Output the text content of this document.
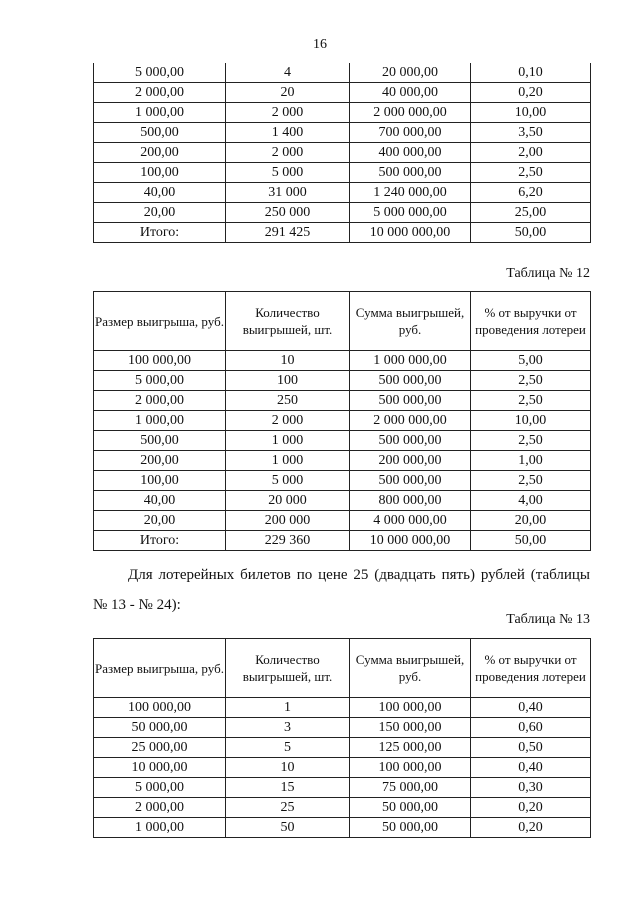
16
5 000,00	4	20 000,00	0,10
2 000,00	20	40 000,00	0,20
1 000,00	2 000	2 000 000,00	10,00
500,00	1 400	700 000,00	3,50
200,00	2 000	400 000,00	2,00
100,00	5 000	500 000,00	2,50
40,00	31 000	1 240 000,00	6,20
20,00	250 000	5 000 000,00	25,00
Итого:	291 425	10 000 000,00	50,00
Таблица № 12
Размер выигрыша, руб.	Количество выигрышей, шт.	Сумма выигрышей, руб.	% от выручки от проведения лотереи
100 000,00	10	1 000 000,00	5,00
5 000,00	100	500 000,00	2,50
2 000,00	250	500 000,00	2,50
1 000,00	2 000	2 000 000,00	10,00
500,00	1 000	500 000,00	2,50
200,00	1 000	200 000,00	1,00
100,00	5 000	500 000,00	2,50
40,00	20 000	800 000,00	4,00
20,00	200 000	4 000 000,00	20,00
Итого:	229 360	10 000 000,00	50,00
Для лотерейных билетов по цене 25 (двадцать пять) рублей (таблицы
№ 13 - № 24):
Таблица № 13
Размер выигрыша, руб.	Количество выигрышей, шт.	Сумма выигрышей, руб.	% от выручки от проведения лотереи
100 000,00	1	100 000,00	0,40
50 000,00	3	150 000,00	0,60
25 000,00	5	125 000,00	0,50
10 000,00	10	100 000,00	0,40
5 000,00	15	75 000,00	0,30
2 000,00	25	50 000,00	0,20
1 000,00	50	50 000,00	0,20
